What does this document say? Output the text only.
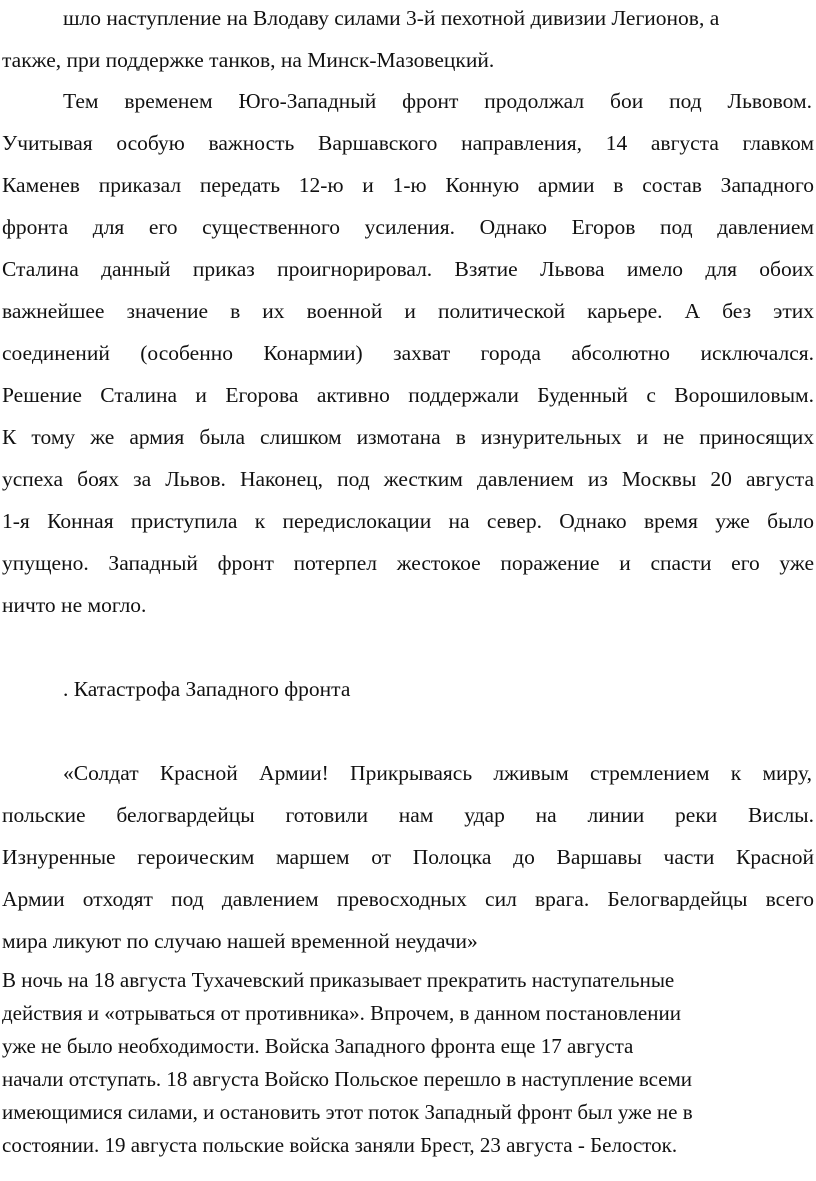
шло наступление на Влодаву силами 3-й пехотной дивизии Легионов, а
также, при поддержке танков, на Минск-Мазовецкий.
Тем временем Юго-Западный фронт продолжал бои под Львовом.
Учитывая особую важность Варшавского направления, 14 августа главком
Каменев приказал передать 12-ю и 1-ю Конную армии в состав Западного
фронта для его существенного усиления. Однако Егоров под давлением
Сталина данный приказ проигнорировал. Взятие Львова имело для обоих
важнейшее значение в их военной и политической карьере. А без этих
соединений (особенно Конармии) захват города абсолютно исключался.
Решение Сталина и Егорова активно поддержали Буденный с Ворошиловым.
К тому же армия была слишком измотана в изнурительных и не приносящих
успеха боях за Львов. Наконец, под жестким давлением из Москвы 20 августа
1-я Конная приступила к передислокации на север. Однако время уже было
упущено. Западный фронт потерпел жестокое поражение и спасти его уже
ничто не могло.
. Катастрофа Западного фронта
«Солдат Красной Армии! Прикрываясь лживым стремлением к миру,
польские белогвардейцы готовили нам удар на линии реки Вислы.
Изнуренные героическим маршем от Полоцка до Варшавы части Красной
Армии отходят под давлением превосходных сил врага. Белогвардейцы всего
мира ликуют по случаю нашей временной неудачи»
В ночь на 18 августа Тухачевский приказывает прекратить наступательные
действия и «отрываться от противника». Впрочем, в данном постановлении
уже не было необходимости. Войска Западного фронта еще 17 августа
начали отступать. 18 августа Войско Польское перешло в наступление всеми
имеющимися силами, и остановить этот поток Западный фронт был уже не в
состоянии. 19 августа польские войска заняли Брест, 23 августа - Белосток.
